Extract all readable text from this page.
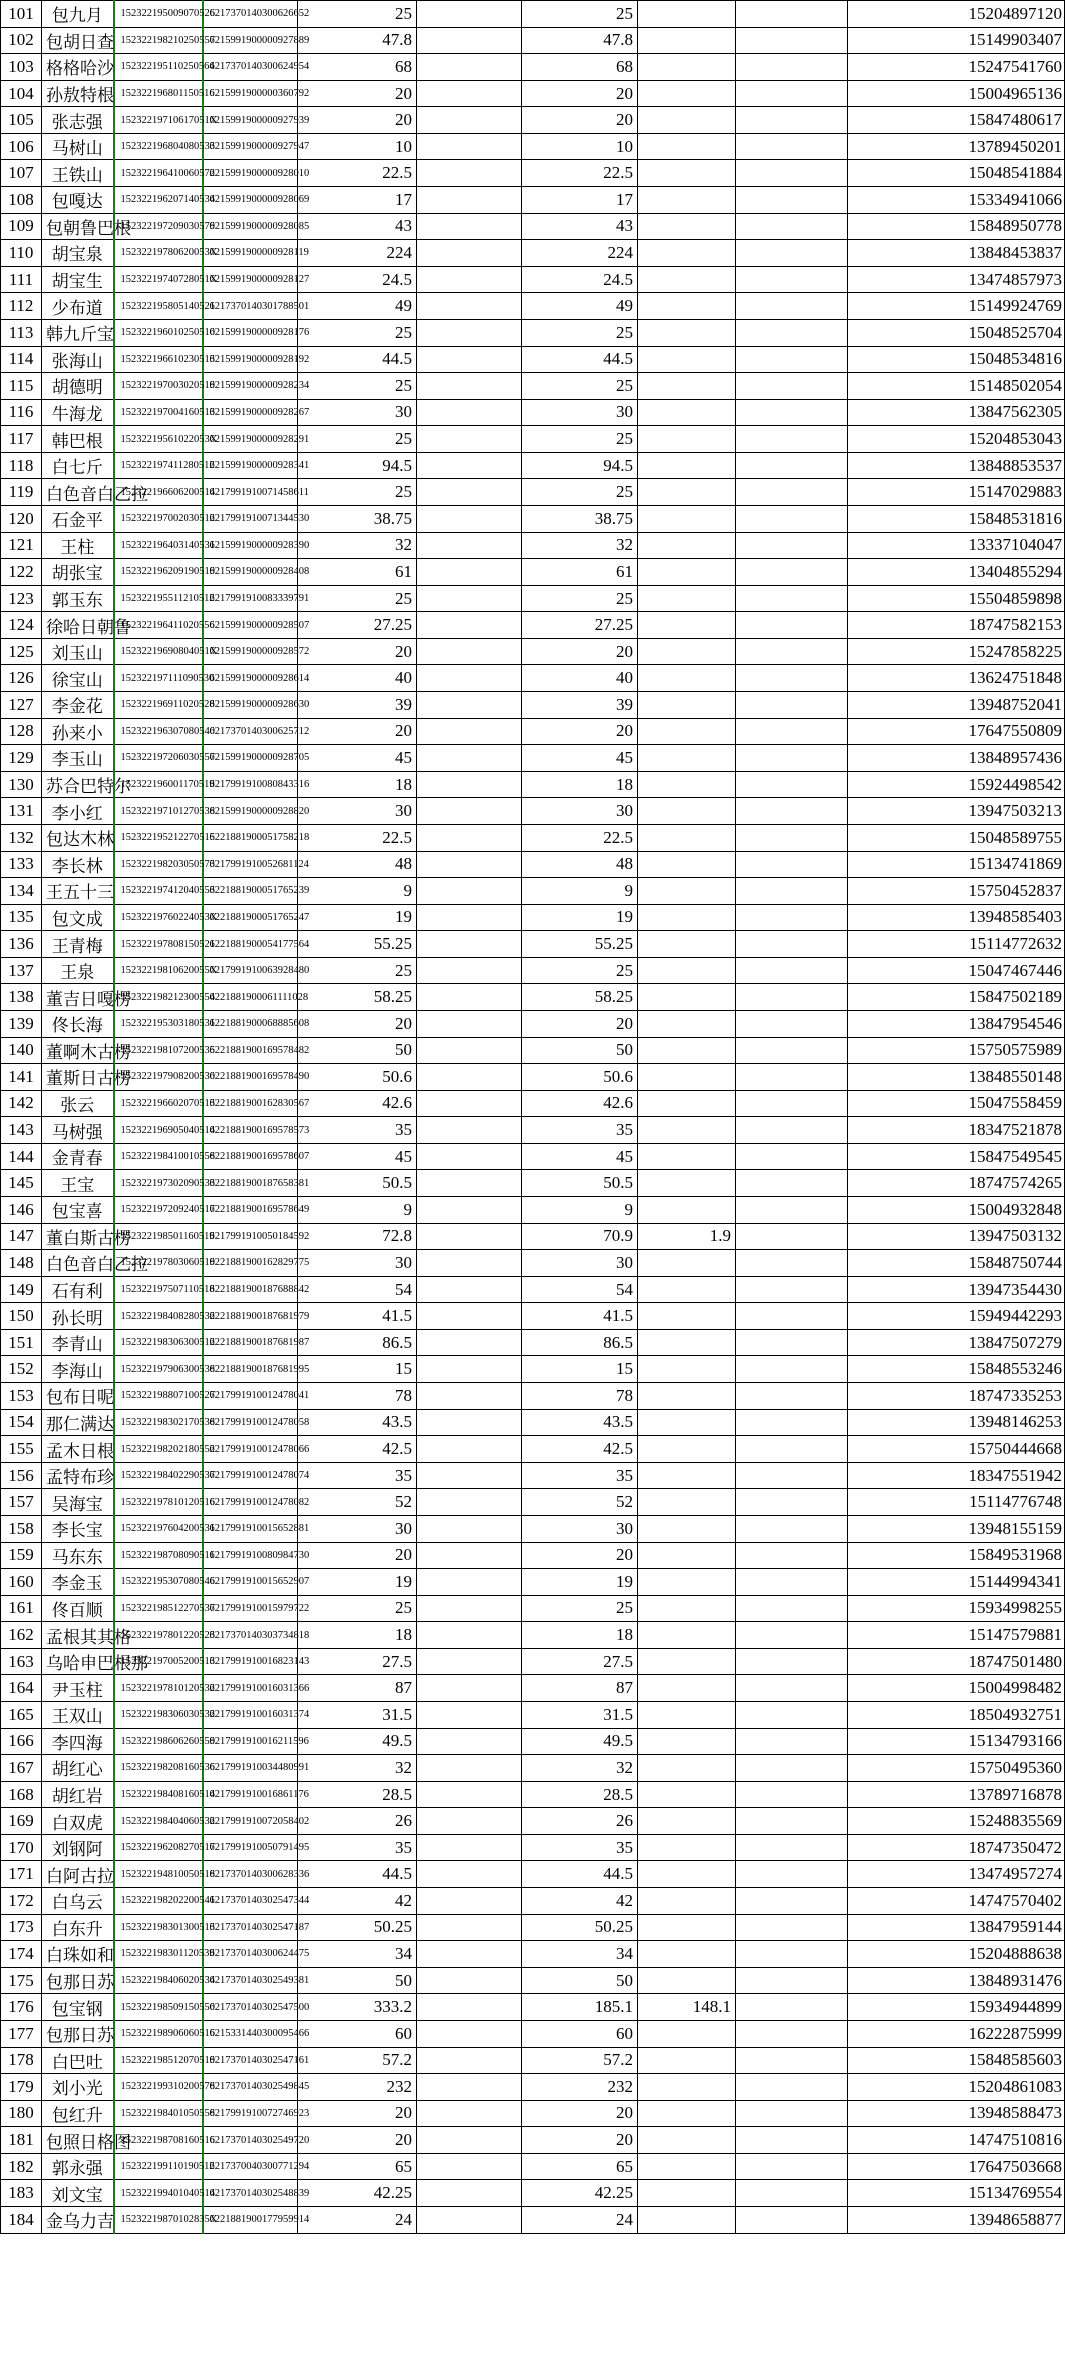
101	包九月	152322195009070526	6217370140300626652	25		25			15204897120
102	包胡日查	152322198210250557	6215991900000927889	47.8		47.8			15149903407
103	格格哈沙	152322195110250564	6217370140300624954	68		68			15247541760
104	孙敖特根	152322196801150516	6215991900000360792	20		20			15004965136
105	张志强	15232219710617051X	6215991900000927939	20		20			15847480617
106	马树山	152322196804080533	6215991900000927947	10		10			13789450201
107	王铁山	152322196410060572	6215991900000928010	22.5		22.5			15048541884
108	包嘎达	152322196207140534	6215991900000928069	17		17			15334941066
109	包朝鲁巴根	152322197209030579	6215991900000928085	43		43			15848950778
110	胡宝泉	15232219780620053X	6215991900000928119	224		224			13848453837
111	胡宝生	15232219740728051X	6215991900000928127	24.5		24.5			13474857973
112	少布道	152322195805140521	6217370140301788501	49		49			15149924769
113	韩九斤宝	152322196010250510	6215991900000928176	25		25			15048525704
114	张海山	152322196610230513	6215991900000928192	44.5		44.5			15048534816
115	胡德明	152322197003020519	6215991900000928234	25		25			15148502054
116	牛海龙	152322197004160513	6215991900000928267	30		30			13847562305
117	韩巴根	15232219561022053X	6215991900000928291	25		25			15204853043
118	白七斤	152322197411280512	6215991900000928341	94.5		94.5			13848853537
119	白色音白乙拉	152322196606200514	6217991910071458611	25		25			15147029883
120	石金平	152322197002030512	6217991910071344530	38.75		38.75			15848531816
121	王柱	152322196403140531	6215991900000928390	32		32			13337104047
122	胡张宝	152322196209190519	6215991900000928408	61		61			13404855294
123	郭玉东	152322195511210512	6217991910083339791	25		25			15504859898
124	徐哈日朝鲁	152322196411020556	6215991900000928507	27.25		27.25			18747582153
125	刘玉山	15232219690804051X	6215991900000928572	20		20			15247858225
126	徐宝山	152322197111090530	6215991900000928614	40		40			13624751848
127	李金花	152322196911020528	6215991900000928630	39		39			13948752041
128	孙来小	152322196307080540	6217370140300625712	20		20			17647550809
129	李玉山	152322197206030557	6215991900000928705	45		45			13848957436
130	苏合巴特尔	152322196001170519	6217991910080843316	18		18			15924498542
131	李小红	152322197101270538	6215991900000928820	30		30			13947503213
132	包达木林	152322195212270515	6221881900051758218	22.5		22.5			15048589755
133	李长林	152322198203050573	6217991910052681124	48		48			15134741869
134	王五十三	152322197412040553	6221881900051765239	9		9			15750452837
135	包文成	15232219760224053X	6221881900051765247	19		19			13948585403
136	王青梅	152322197808150521	6221881900054177564	55.25		55.25			15114772632
137	王泉	15232219810620055X	6217991910063928480	25		25			15047467446
138	董吉日嘎楞	152322198212300554	6221881900061111028	58.25		58.25			15847502189
139	佟长海	152322195303180531	6221881900068885608	20		20			13847954546
140	董啊木古楞	152322198107200535	6221881900169578482	50		50			15750575989
141	董斯日古楞	152322197908200530	6221881900169578490	50.6		50.6			13848550148
142	张云	152322196602070513	6221881900162830567	42.6		42.6			15047558459
143	马树强	152322196905040514	6221881900169578573	35		35			18347521878
144	金青春	152322198410010558	6221881900169578607	45		45			15847549545
145	王宝	152322197302090533	6221881900187658381	50.5		50.5			18747574265
146	包宝喜	152322197209240517	6221881900169578649	9		9			15004932848
147	董白斯古楞	152322198501160519	6217991910050184592	72.8		70.9	1.9		13947503132
148	白色音白乙拉	152322197803060519	6221881900162829775	30		30			15848750744
149	石有利	152322197507110518	6221881900187688842	54		54			13947354430
150	孙长明	152322198408280532	6221881900187681979	41.5		41.5			15949442293
151	李青山	152322198306300512	6221881900187681987	86.5		86.5			13847507279
152	李海山	152322197906300538	6221881900187681995	15		15			15848553246
153	包布日呢	152322198807100527	6217991910012478041	78		78			18747335253
154	那仁满达	152322198302170538	6217991910012478058	43.5		43.5			13948146253
155	孟木日根	152322198202180552	6217991910012478066	42.5		42.5			15750444668
156	孟特布珍	152322198402290537	6217991910012478074	35		35			18347551942
157	吴海宝	152322197810120516	6217991910012478082	52		52			15114776748
158	李长宝	152322197604200531	6217991910015652881	30		30			13948155159
159	马东东	152322198708090511	6217991910080984730	20		20			15849531968
160	李金玉	152322195307080546	6217991910015652907	19		19			15144994341
161	佟百顺	152322198512270537	6217991910015979722	25		25			15934998255
162	孟根其其格	152322197801220523	6217370140303734818	18		18			15147579881
163	乌哈申巴根那	152322197005200513	6217991910016823143	27.5		27.5			18747501480
164	尹玉柱	152322197810120532	6217991910016031366	87		87			15004998482
165	王双山	152322198306030532	6217991910016031374	31.5		31.5			18504932751
166	李四海	152322198606260559	6217991910016211596	49.5		49.5			15134793166
167	胡红心	152322198208160536	6217991910034480991	32		32			15750495360
168	胡红岩	152322198408160514	6217991910016861176	28.5		28.5			13789716878
169	白双虎	152322198404060532	6217991910072058402	26		26			15248835569
170	刘钢阿	152322196208270517	6217991910050791495	35		35			18747350472
171	白阿古拉	152322194810050518	6217370140300628336	44.5		44.5			13474957274
172	白乌云	152322198202200541	6217370140302547344	42		42			14747570402
173	白东升	152322198301300513	6217370140302547187	50.25		50.25			13847959144
174	白珠如和	152322198301120539	6217370140300624475	34		34			15204888638
175	包那日苏	152322198406020534	6217370140302549381	50		50			13848931476
176	包宝钢	152322198509150550	6217370140302547500	333.2		185.1	148.1		15934944899
177	包那日苏	152322198906060516	6215331440300095466	60		60			16222875999
178	白巴吐	152322198512070519	6217370140302547161	57.2		57.2			15848585603
179	刘小光	152322199310200578	6217370140302549845	232		232			15204861083
180	包红升	152322198401050558	6217991910072746923	20		20			13948588473
181	包照日格图	152322198708160516	6217370140302549720	20		20			14747510816
182	郭永强	152322199110190512	6217370040300771294	65		65			17647503668
183	刘文宝	152322199401040514	6217370140302548839	42.25		42.25			15134769554
184	金乌力吉	15232219870102835X	6221881900177959914	24		24			13948658877
